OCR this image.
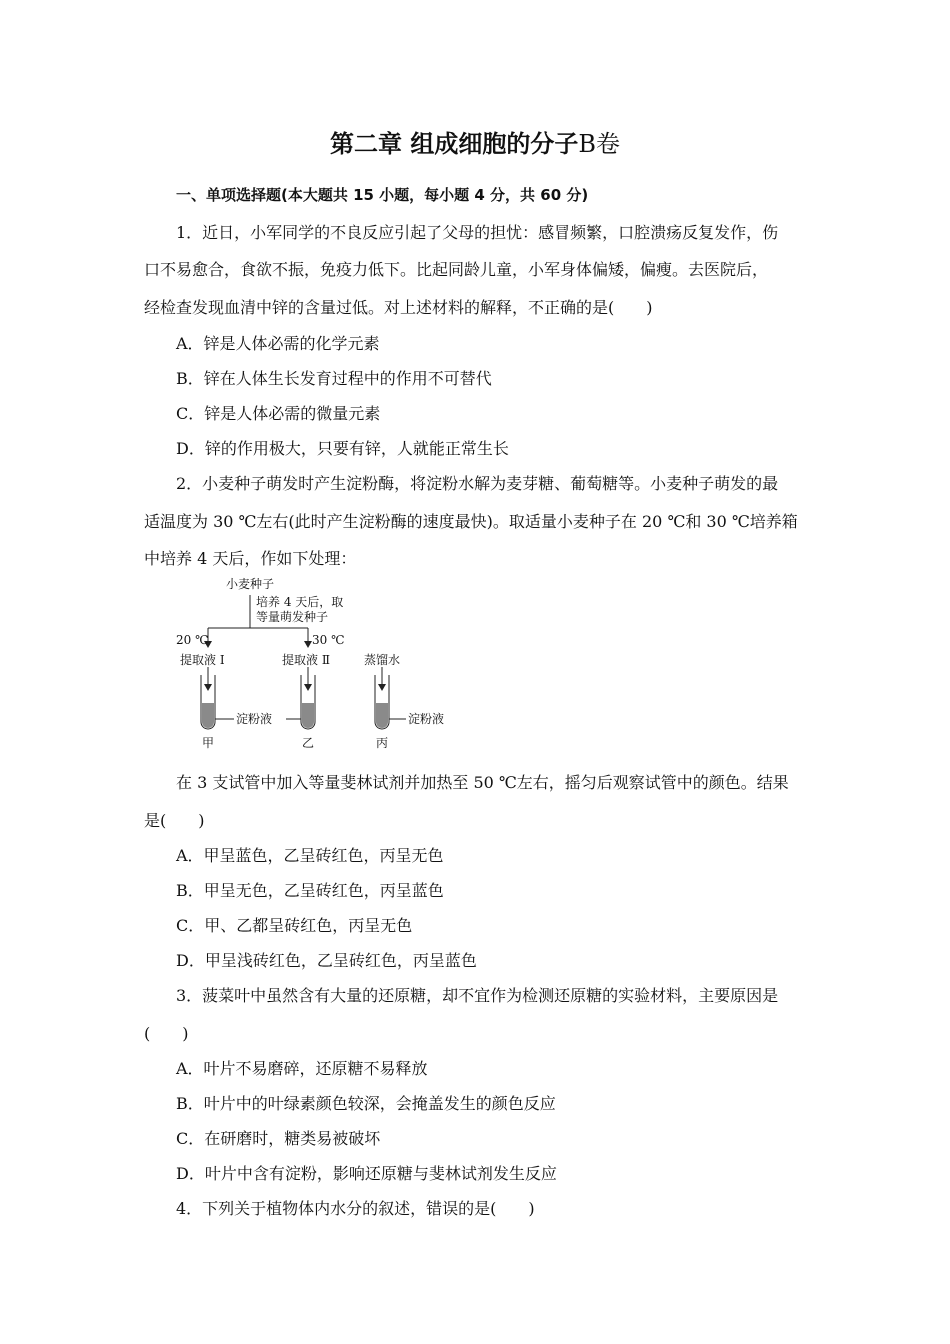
第二章 组成细胞的分子B卷
一、单项选择题(本大题共 15 小题，每小题 4 分，共 60 分)
1．近日，小军同学的不良反应引起了父母的担忧：感冒频繁，口腔溃疡反复发作，伤
口不易愈合，食欲不振，免疫力低下。比起同龄儿童，小军身体偏矮，偏瘦。去医院后，
经检查发现血清中锌的含量过低。对上述材料的解释，不正确的是(　　)
A．锌是人体必需的化学元素
B．锌在人体生长发育过程中的作用不可替代
C．锌是人体必需的微量元素
D．锌的作用极大，只要有锌，人就能正常生长
2．小麦种子萌发时产生淀粉酶，将淀粉水解为麦芽糖、葡萄糖等。小麦种子萌发的最
适温度为 30 ℃左右(此时产生淀粉酶的速度最快)。取适量小麦种子在 20 ℃和 30 ℃培养箱
中培养 4 天后，作如下处理：
小麦种子
培养 4 天后，取
等量萌发种子
20 ℃	30 ℃
提取液 Ⅰ	提取液 Ⅱ	蒸馏水
淀粉液	淀粉液
甲	乙	丙
在 3 支试管中加入等量斐林试剂并加热至 50 ℃左右，摇匀后观察试管中的颜色。结果
是(　　)
A．甲呈蓝色，乙呈砖红色，丙呈无色
B．甲呈无色，乙呈砖红色，丙呈蓝色
C．甲、乙都呈砖红色，丙呈无色
D．甲呈浅砖红色，乙呈砖红色，丙呈蓝色
3．菠菜叶中虽然含有大量的还原糖，却不宜作为检测还原糖的实验材料，主要原因是
(　　)
A．叶片不易磨碎，还原糖不易释放
B．叶片中的叶绿素颜色较深，会掩盖发生的颜色反应
C．在研磨时，糖类易被破坏
D．叶片中含有淀粉，影响还原糖与斐林试剂发生反应
4．下列关于植物体内水分的叙述，错误的是(　　)
